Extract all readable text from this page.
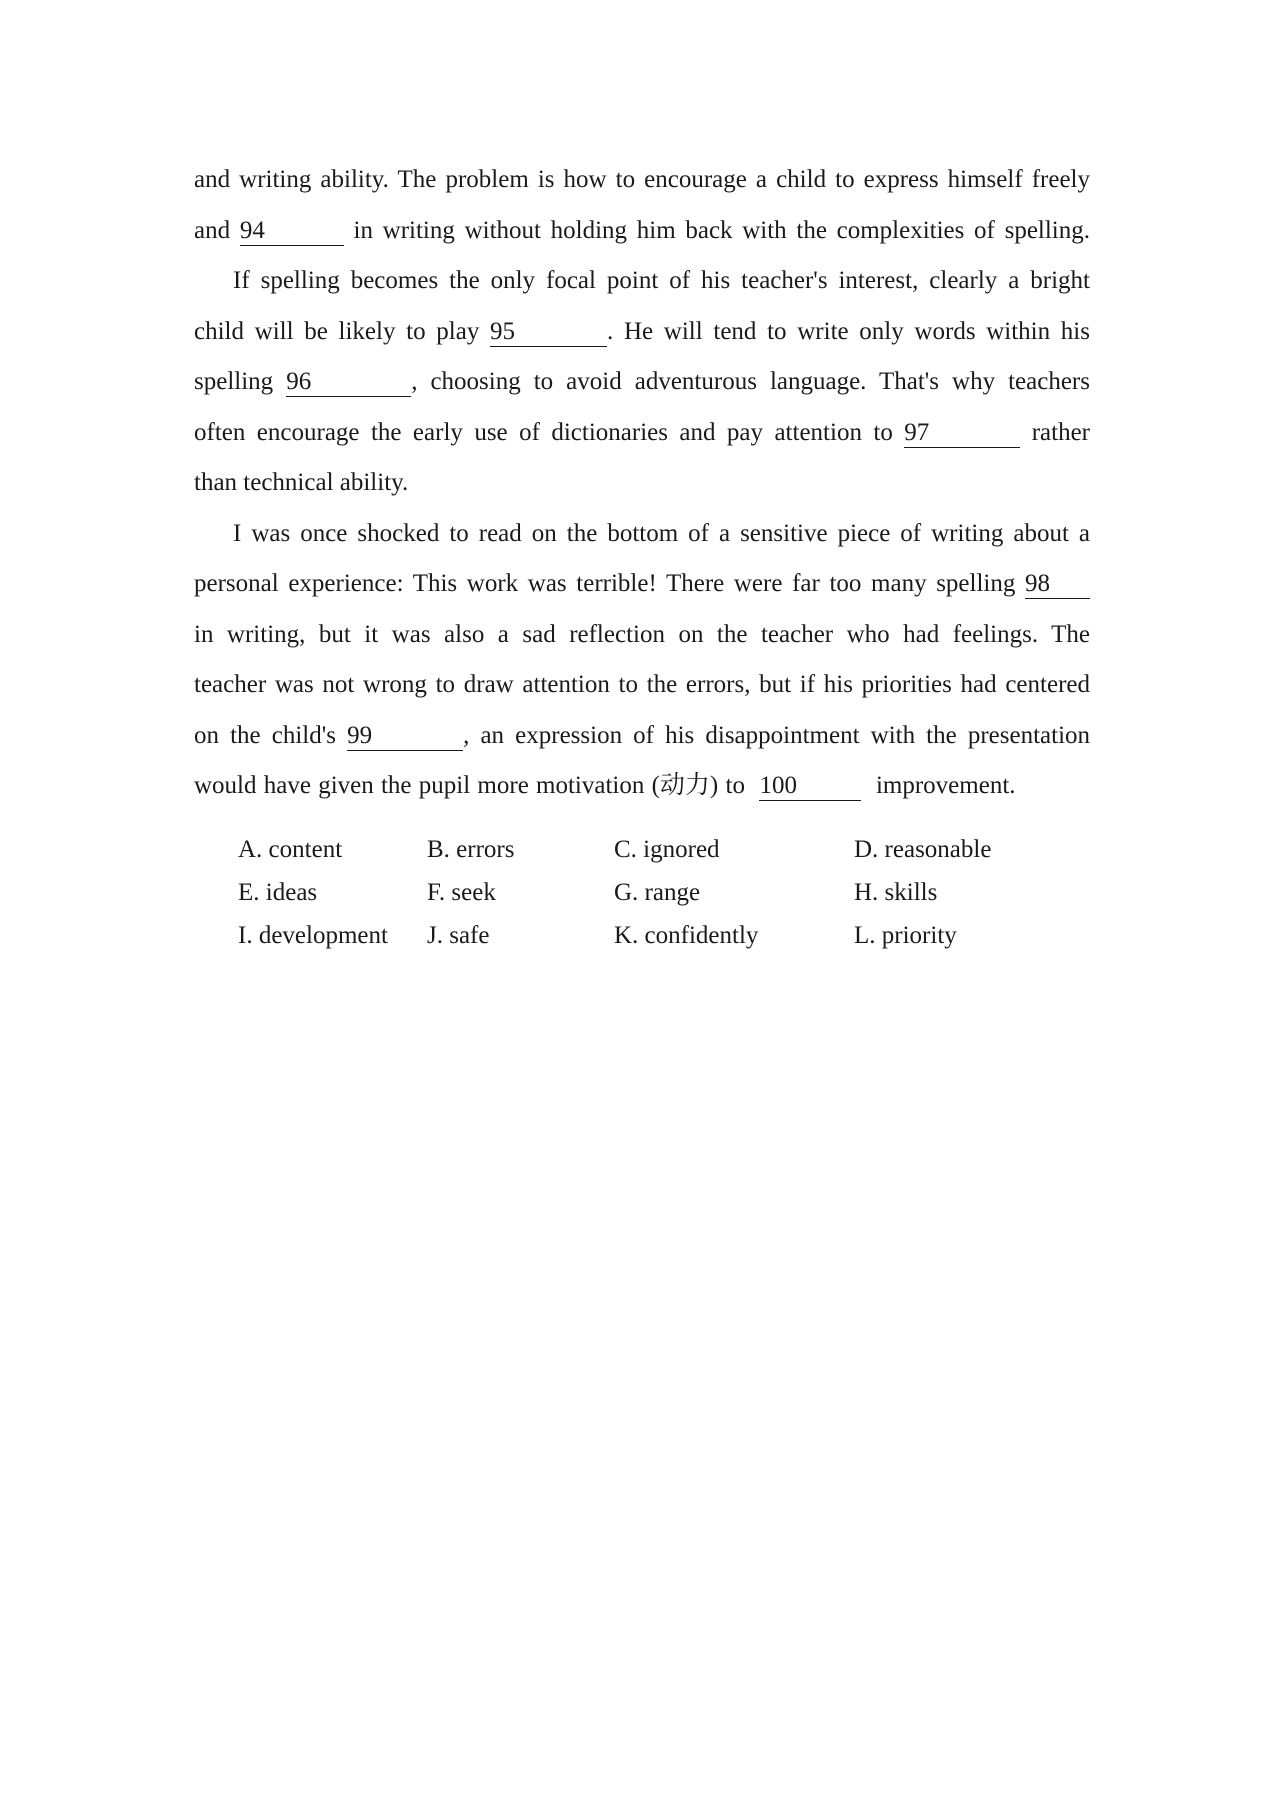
and writing ability. The problem is how to encourage a child to express himself freely
and 94	in writing without holding him back with the complexities of spelling.
If spelling becomes the only focal point of his teacher's interest, clearly a bright
child will be likely to play 95	. He will tend to write only words within his
spelling 96	, choosing to avoid adventurous language. That's why teachers
often encourage the early use of dictionaries and pay attention to 97	rather
than technical ability.
I was once shocked to read on the bottom of a sensitive piece of writing about a
personal experience: This work was terrible! There were far too many spelling 98
in writing, but it was also a sad reflection on the teacher who had feelings. The
teacher was not wrong to draw attention to the errors, but if his priorities had centered
on the child's 99	, an expression of his disappointment with the presentation
would have given the pupil more motivation (动力) to 100	improvement.
A. content	B. errors	C. ignored	D. reasonable
E. ideas	F. seek	G. range	H. skills
I. development	J. safe	K. confidently	L. priority
